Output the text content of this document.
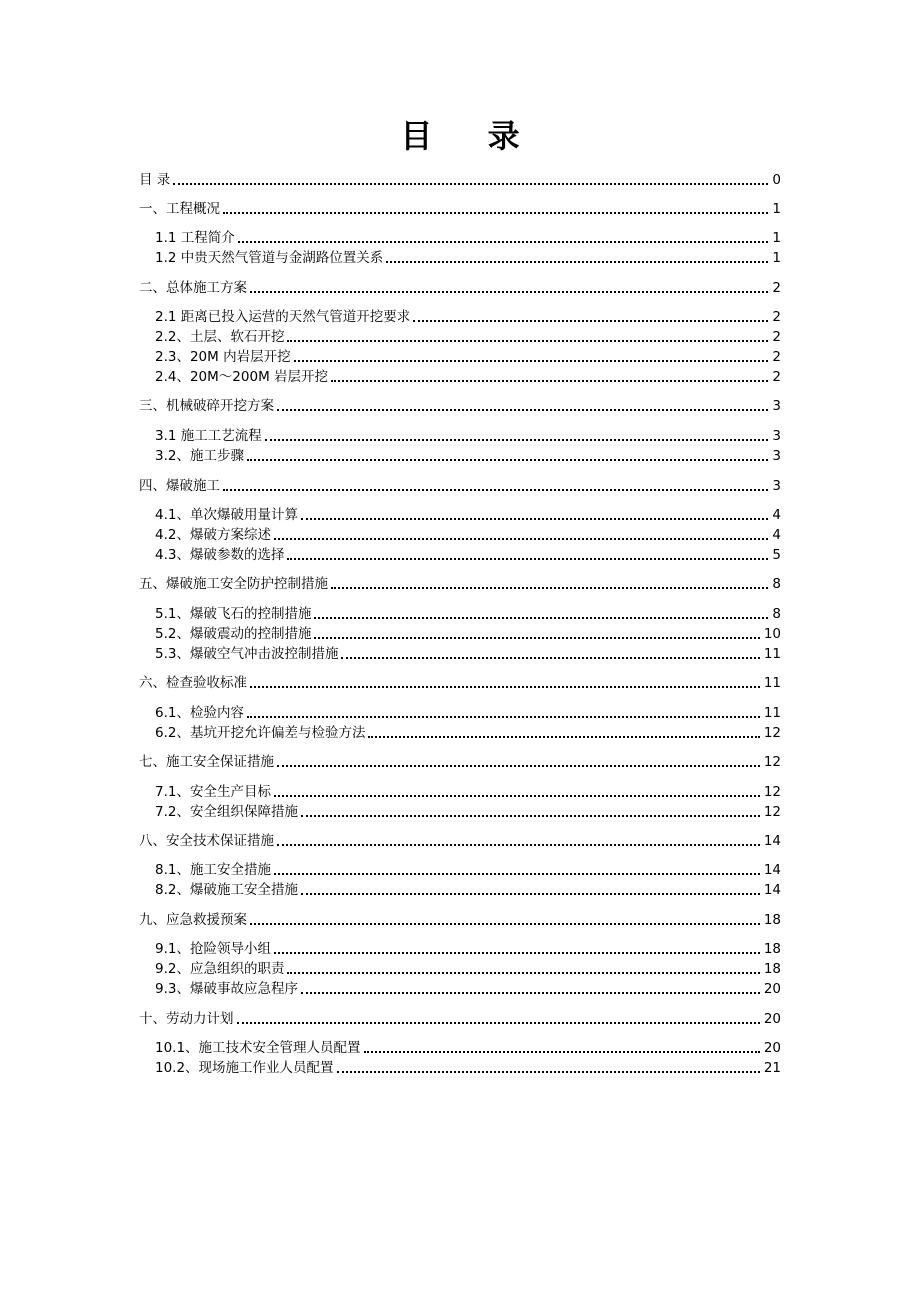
目 录
目 录	0
一、工程概况	1
1.1 工程简介	1
1.2 中贵天然气管道与金湖路位置关系	1
二、总体施工方案	2
2.1 距离已投入运营的天然气管道开挖要求	2
2.2、土层、软石开挖	2
2.3、20M 内岩层开挖	2
2.4、20M～200M 岩层开挖	2
三、机械破碎开挖方案	3
3.1 施工工艺流程	3
3.2、施工步骤	3
四、爆破施工	3
4.1、单次爆破用量计算	4
4.2、爆破方案综述	4
4.3、爆破参数的选择	5
五、爆破施工安全防护控制措施	8
5.1、爆破飞石的控制措施	8
5.2、爆破震动的控制措施	10
5.3、爆破空气冲击波控制措施	11
六、检查验收标准	11
6.1、检验内容	11
6.2、基坑开挖允许偏差与检验方法	12
七、施工安全保证措施	12
7.1、安全生产目标	12
7.2、安全组织保障措施	12
八、安全技术保证措施	14
8.1、施工安全措施	14
8.2、爆破施工安全措施	14
九、应急救援预案	18
9.1、抢险领导小组	18
9.2、应急组织的职责	18
9.3、爆破事故应急程序	20
十、劳动力计划	20
10.1、施工技术安全管理人员配置	20
10.2、现场施工作业人员配置	21
